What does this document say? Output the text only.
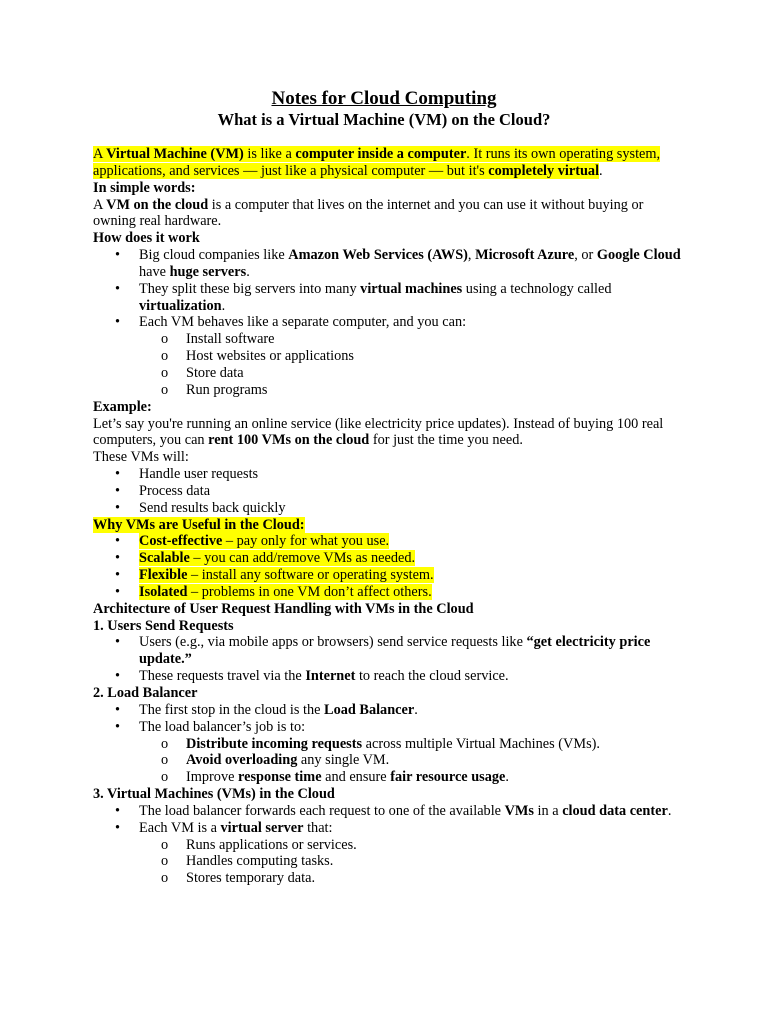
Notes for Cloud Computing
What is a Virtual Machine (VM) on the Cloud?

A Virtual Machine (VM) is like a computer inside a computer. It runs its own operating system, applications, and services — just like a physical computer — but it's completely virtual.

In simple words:

A VM on the cloud is a computer that lives on the internet and you can use it without buying or owning real hardware.

How does it work

• Big cloud companies like Amazon Web Services (AWS), Microsoft Azure, or Google Cloud have huge servers.
• They split these big servers into many virtual machines using a technology called virtualization.
• Each VM behaves like a separate computer, and you can:
o Install software
o Host websites or applications
o Store data
o Run programs

Example:

Let’s say you're running an online service (like electricity price updates). Instead of buying 100 real computers, you can rent 100 VMs on the cloud for just the time you need.

These VMs will:

• Handle user requests
• Process data
• Send results back quickly

Why VMs are Useful in the Cloud:

• Cost-effective – pay only for what you use.
• Scalable – you can add/remove VMs as needed.
• Flexible – install any software or operating system.
• Isolated – problems in one VM don’t affect others.

Architecture of User Request Handling with VMs in the Cloud

1. Users Send Requests

• Users (e.g., via mobile apps or browsers) send service requests like “get electricity price update.”
• These requests travel via the Internet to reach the cloud service.

2. Load Balancer

• The first stop in the cloud is the Load Balancer.
• The load balancer’s job is to:
o Distribute incoming requests across multiple Virtual Machines (VMs).
o Avoid overloading any single VM.
o Improve response time and ensure fair resource usage.

3. Virtual Machines (VMs) in the Cloud

• The load balancer forwards each request to one of the available VMs in a cloud data center.
• Each VM is a virtual server that:
o Runs applications or services.
o Handles computing tasks.
o Stores temporary data.
